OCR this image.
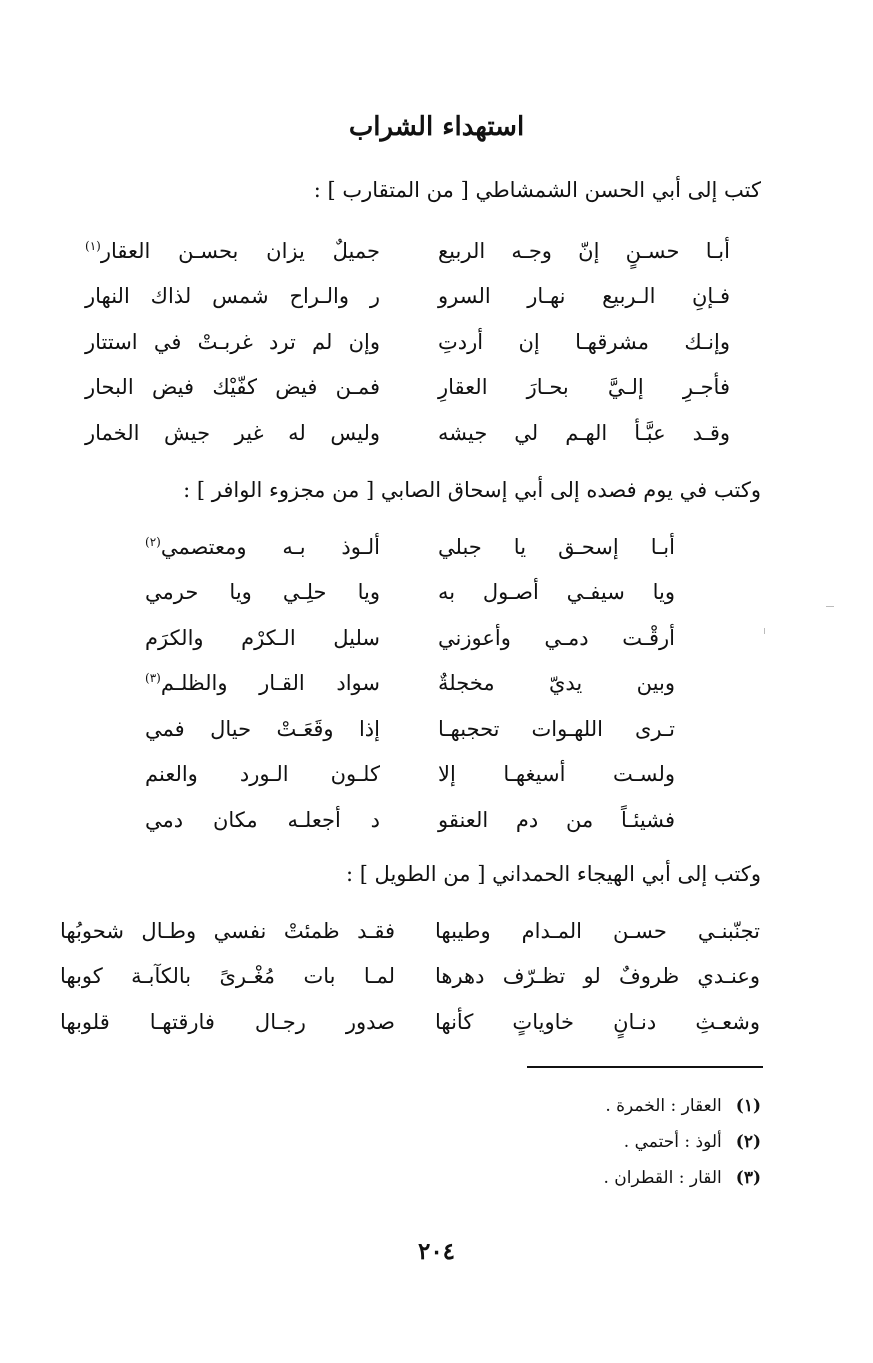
استهداء الشراب
كتب إلى أبي الحسن الشمشاطي [ من المتقارب ] :
أبـا حسـنٍ إنّ وجـه الربيع
جميلٌ يزان بحسـن العقار$^{(١)}$
فـإنِ الـربيع نهـار السرو
ر والـراح شمس لذاك النهار
وإنـك مشرقهـا إن أردتِ
وإن لم ترد غربـتْ في استتار
فأجـرِ إلـيَّ بحـارَ العقارِ
فمـن فيض كفّيْك فيض البحار
وقـد عبَّـأ الهـم لي جيشه
وليس له غير جيش الخمار
وكتب في يوم فصده إلى أبي إسحاق الصابي [ من مجزوء الوافر ] :
أبـا إسحـق يا جبلي
ألـوذ بـه ومعتصمي$^{(٢)}$
ويا سيفـي أصـول به
ويا حلِـي ويا حرمي
أرقْـت دمـي وأعوزني
سليل الـكرْم والكرَم
وبين يديّ مخجلةٌ
سواد القـار والظلـم$^{(٣)}$
تـرى اللهـوات تحجبهـا
إذا وقَعَـتْ حيال فمي
ولسـت أسيغهـا إلا
كلـون الـورد والعنم
فشيئـاً من دم العنقو
د أجعلـه مكان دمي
وكتب إلى أبي الهيجاء الحمداني [ من الطويل ] :
تجنّبنـي حسـن المـدام وطيبها
فقـد ظمئتْ نفسي وطـال شحوبُها
وعنـدي ظروفٌ لو تظـرّف دهرها
لمـا بات مُغْـرىً بالكآبـة كوبها
وشعـثِ دنـانٍ خاوياتٍ كأنها
صدور رجـال فارقتهـا قلوبها
(١)
العقار : الخمرة .
(٢)
ألوذ : أحتمي .
(٣)
القار : القطران .
٢٠٤
